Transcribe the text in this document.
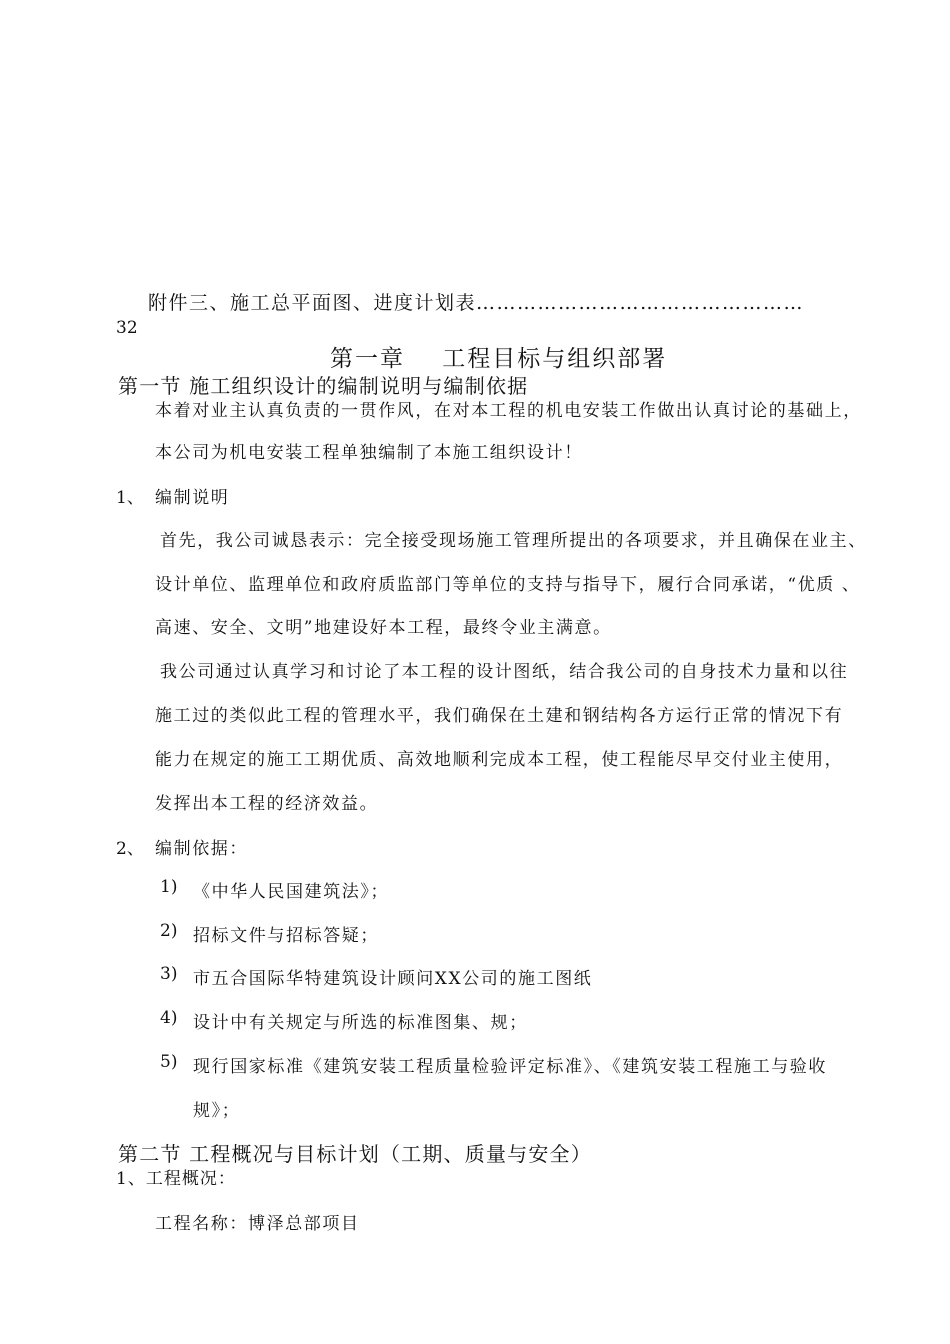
附件三、施工总平面图、进度计划表…………………………………………
32
第一章    工程目标与组织部署
第一节 施工组织设计的编制说明与编制依据
本着对业主认真负责的一贯作风，在对本工程的机电安装工作做出认真讨论的基础上，
本公司为机电安装工程单独编制了本施工组织设计！
1、 编制说明
首先，我公司诚恳表示：完全接受现场施工管理所提出的各项要求，并且确保在业主、
设计单位、监理单位和政府质监部门等单位的支持与指导下，履行合同承诺，“优质 、
高速、安全、文明”地建设好本工程，最终令业主满意。
我公司通过认真学习和讨论了本工程的设计图纸，结合我公司的自身技术力量和以往
施工过的类似此工程的管理水平，我们确保在土建和钢结构各方运行正常的情况下有
能力在规定的施工工期优质、高效地顺利完成本工程，使工程能尽早交付业主使用，
发挥出本工程的经济效益。
2、 编制依据：
1) 《中华人民国建筑法》；
2) 招标文件与招标答疑；
3) 市五合国际华特建筑设计顾问XX公司的施工图纸
4) 设计中有关规定与所选的标准图集、规；
5) 现行国家标准《建筑安装工程质量检验评定标准》、《建筑安装工程施工与验收
规》；
第二节 工程概况与目标计划（工期、质量与安全）
1、工程概况：
工程名称：博泽总部项目
